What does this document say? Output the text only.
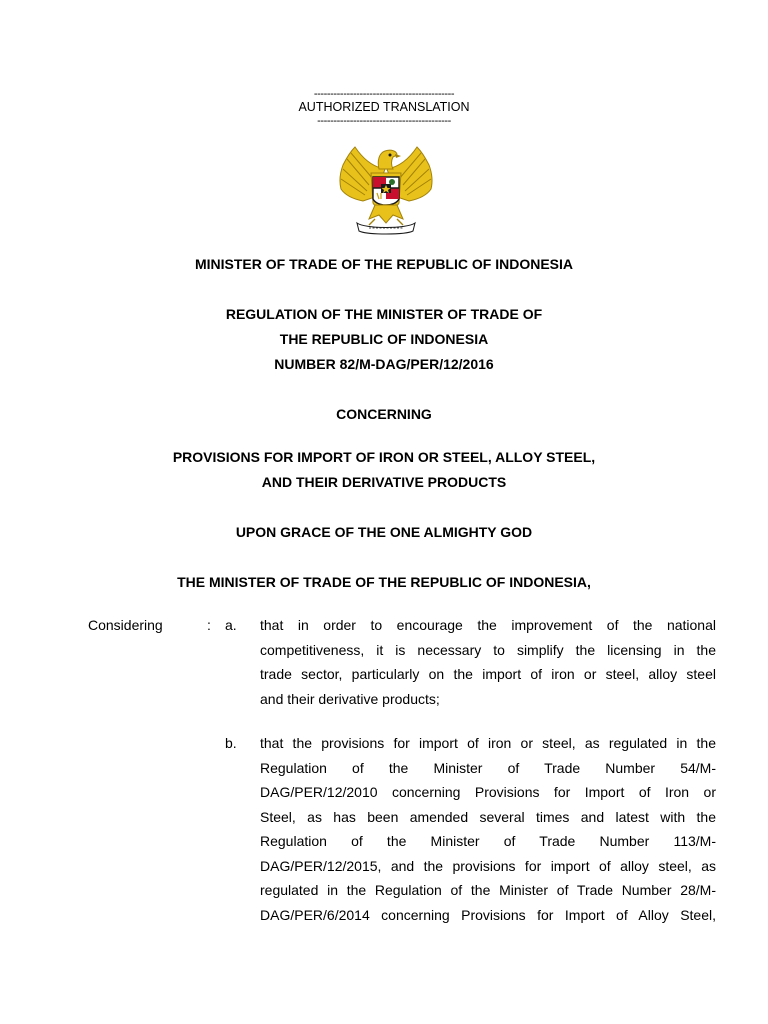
-------------------------------------------
AUTHORIZED TRANSLATION
-----------------------------------------
MINISTER OF TRADE OF THE REPUBLIC OF INDONESIA
REGULATION OF THE MINISTER OF TRADE OF
THE REPUBLIC OF INDONESIA
NUMBER 82/M-DAG/PER/12/2016
CONCERNING
PROVISIONS FOR IMPORT OF IRON OR STEEL, ALLOY STEEL,
AND THEIR DERIVATIVE PRODUCTS
UPON GRACE OF THE ONE ALMIGHTY GOD
THE MINISTER OF TRADE OF THE REPUBLIC OF INDONESIA,
Considering	: a. that in order to encourage the improvement of the national
competitiveness, it is necessary to simplify the licensing in the
trade sector, particularly on the import of iron or steel, alloy steel
and their derivative products;
b. that the provisions for import of iron or steel, as regulated in the
Regulation of the Minister of Trade Number 54/M-
DAG/PER/12/2010 concerning Provisions for Import of Iron or
Steel, as has been amended several times and latest with the
Regulation of the Minister of Trade Number 113/M-
DAG/PER/12/2015, and the provisions for import of alloy steel, as
regulated in the Regulation of the Minister of Trade Number 28/M-
DAG/PER/6/2014 concerning Provisions for Import of Alloy Steel,
